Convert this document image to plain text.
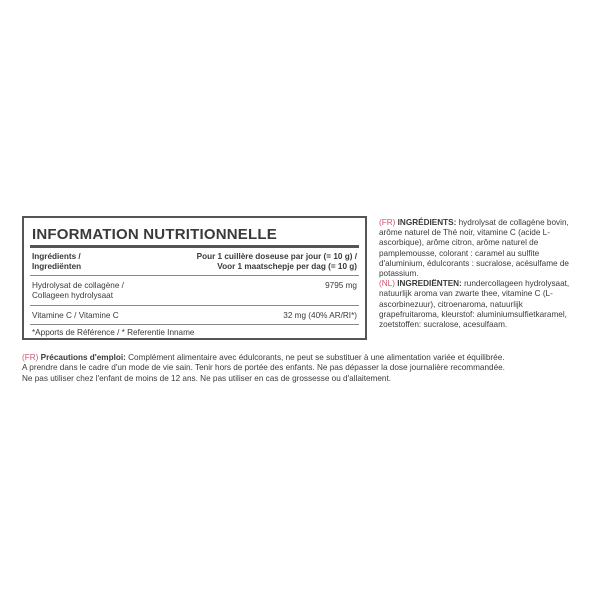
INFORMATION NUTRITIONNELLE
Ingrédients /
Ingrediënten
Pour 1 cuillère doseuse par jour (= 10 g) /
Voor 1 maatschepje per dag (= 10 g)
Hydrolysat de collagène /
Collageen hydrolysaat
9795 mg
Vitamine C / Vitamine C	32 mg (40% AR/RI*)
*Apports de Référence / * Referentie Inname

(FR) INGRÉDIENTS: hydrolysat de collagène bovin, arôme naturel de Thé noir, vitamine C (acide L-ascorbique), arôme citron, arôme naturel de pamplemousse, colorant : caramel au sulfite d'aluminium, édulcorants : sucralose, acésulfame de potassium.

(NL) INGREDIËNTEN: rundercollageen hydrolysaat, natuurlijk aroma van zwarte thee, vitamine C (L-ascorbinezuur), citroenaroma, natuurlijk grapefruitaroma, kleurstof: aluminiumsulfietkaramel, zoetstoffen: sucralose, acesulfaam.

(FR) Précautions d'emploi: Complément alimentaire avec édulcorants, ne peut se substituer à une alimentation variée et équilibrée.
A prendre dans le cadre d'un mode de vie sain. Tenir hors de portée des enfants. Ne pas dépasser la dose journalière recommandée.
Ne pas utiliser chez l'enfant de moins de 12 ans. Ne pas utiliser en cas de grossesse ou d'allaitement.
